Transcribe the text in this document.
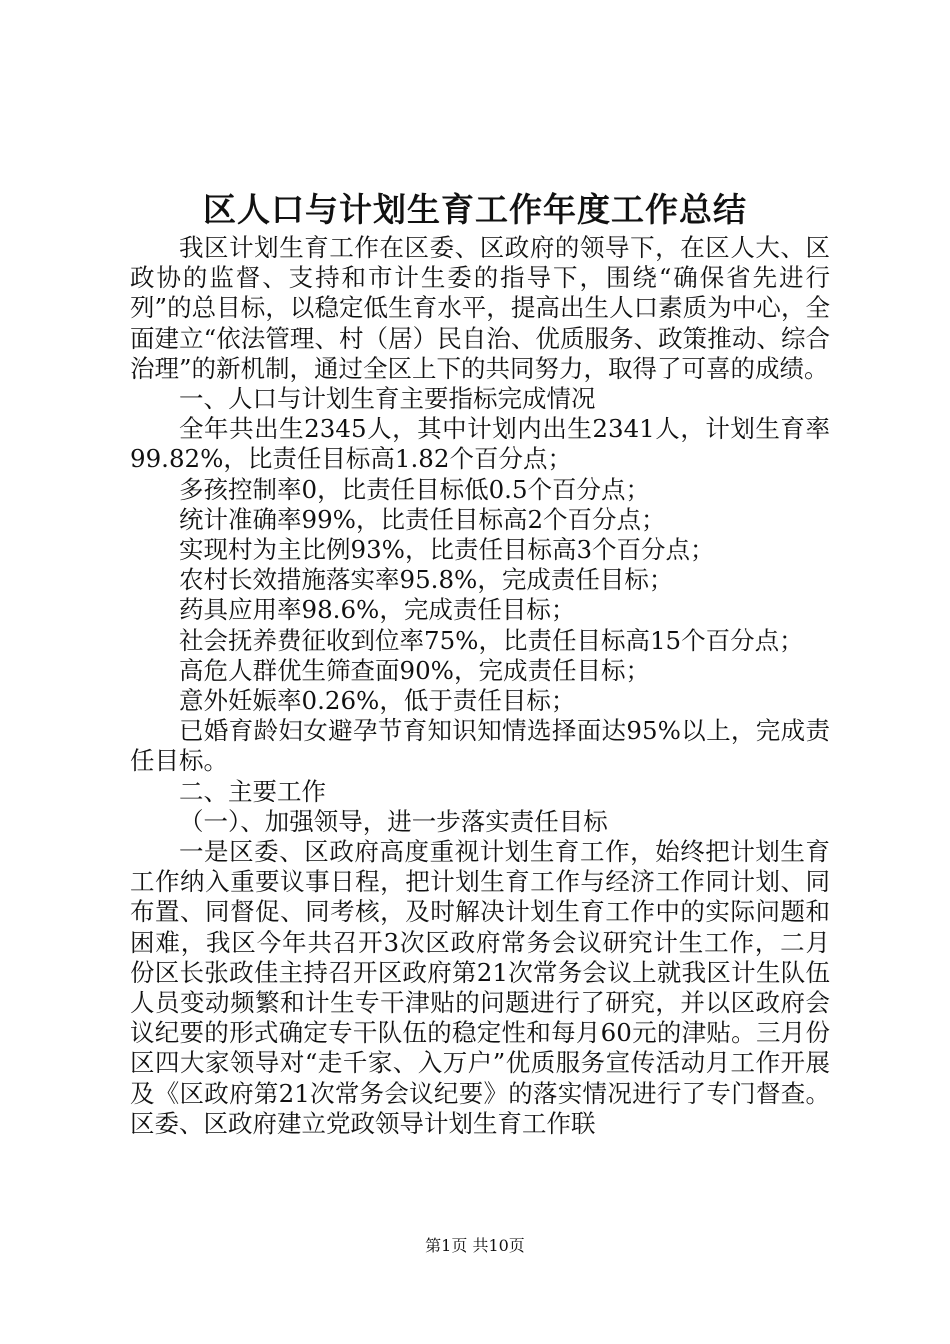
区人口与计划生育工作年度工作总结

我区计划生育工作在区委、区政府的领导下，在区人大、区政协的监督、支持和市计生委的指导下，围绕“确保省先进行列”的总目标，以稳定低生育水平，提高出生人口素质为中心，全面建立“依法管理、村（居）民自治、优质服务、政策推动、综合治理”的新机制，通过全区上下的共同努力，取得了可喜的成绩。

一、人口与计划生育主要指标完成情况

全年共出生2345人，其中计划内出生2341人，计划生育率99.82%，比责任目标高1.82个百分点；

多孩控制率0，比责任目标低0.5个百分点；

统计准确率99%，比责任目标高2个百分点；

实现村为主比例93%，比责任目标高3个百分点；

农村长效措施落实率95.8%，完成责任目标；

药具应用率98.6%，完成责任目标；

社会抚养费征收到位率75%，比责任目标高15个百分点；

高危人群优生筛查面90%，完成责任目标；

意外妊娠率0.26%，低于责任目标；

已婚育龄妇女避孕节育知识知情选择面达95%以上，完成责任目标。

二、主要工作

（一）、加强领导，进一步落实责任目标

一是区委、区政府高度重视计划生育工作，始终把计划生育工作纳入重要议事日程，把计划生育工作与经济工作同计划、同布置、同督促、同考核，及时解决计划生育工作中的实际问题和困难，我区今年共召开3次区政府常务会议研究计生工作，二月份区长张政佳主持召开区政府第21次常务会议上就我区计生队伍人员变动频繁和计生专干津贴的问题进行了研究，并以区政府会议纪要的形式确定专干队伍的稳定性和每月60元的津贴。三月份区四大家领导对“走千家、入万户”优质服务宣传活动月工作开展及《区政府第21次常务会议纪要》的落实情况进行了专门督查。区委、区政府建立党政领导计划生育工作联

第1页 共10页
